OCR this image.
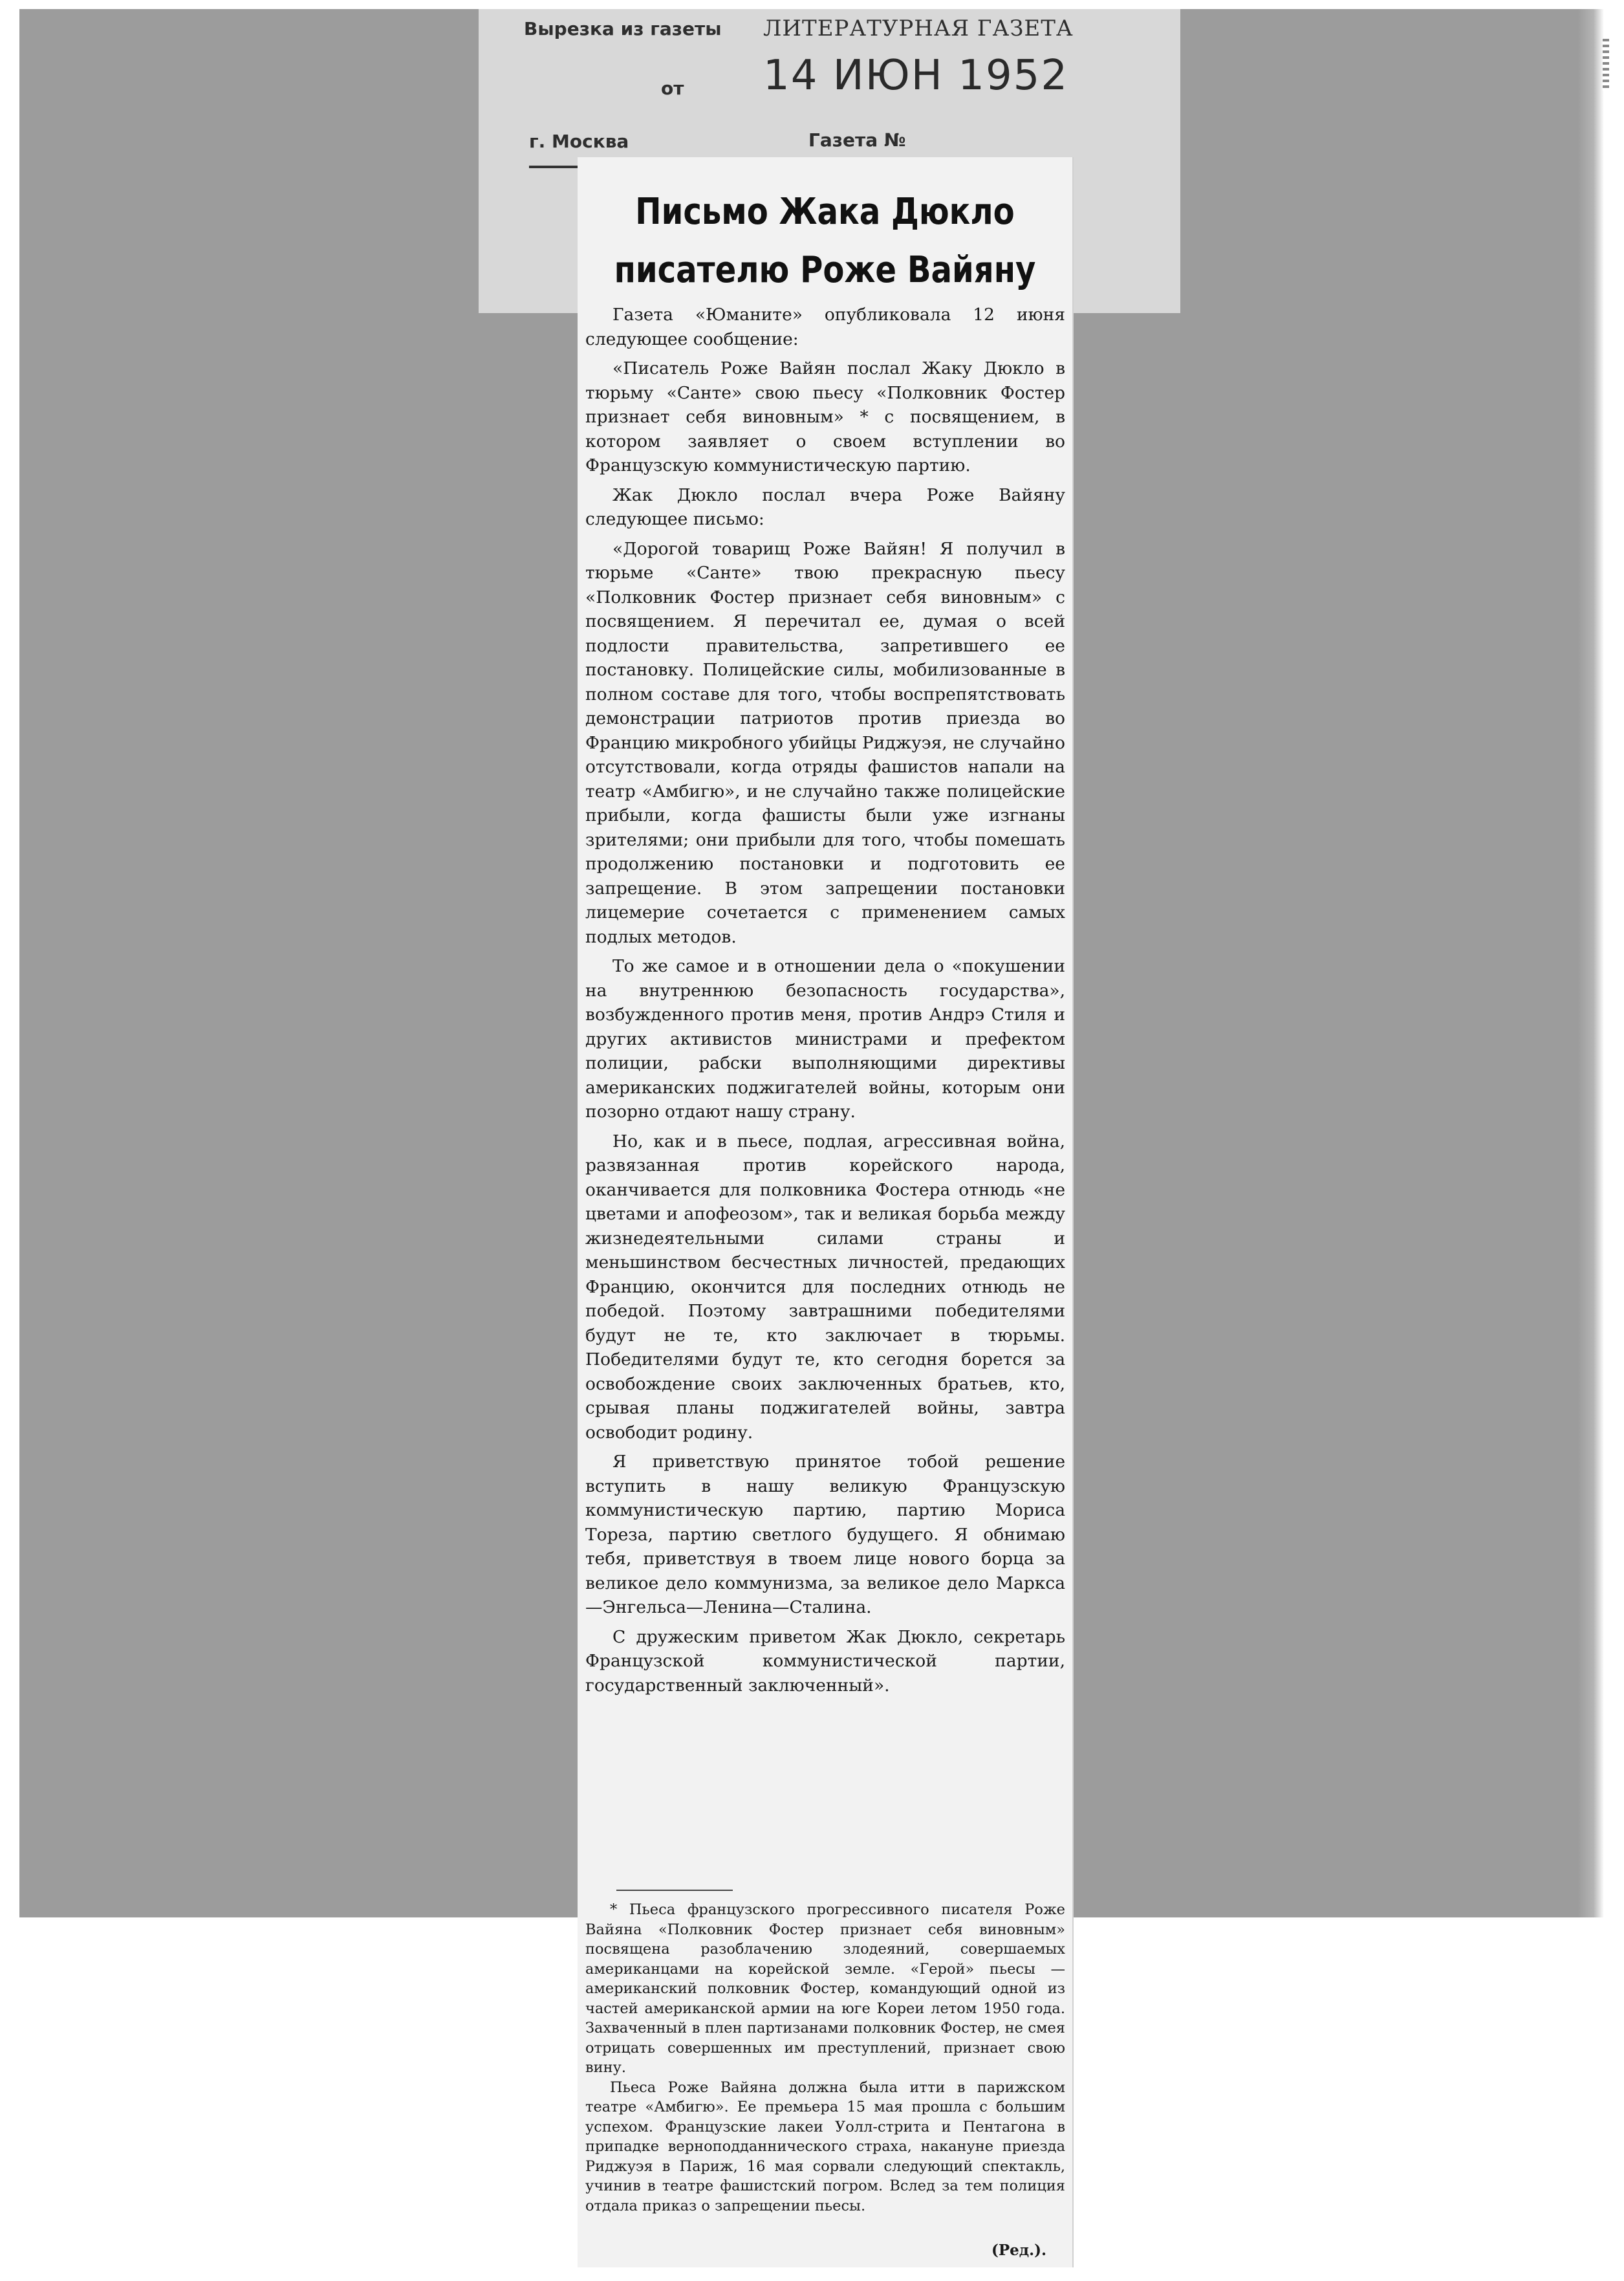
Вырезка из газеты ЛИТЕРАТУРНАЯ ГАЗЕТА
от 14 ИЮН 1952
г. Москва	Газета №
Письмо Жака Дюкло
писателю Роже Вайяну

Газета «Юманите» опубликовала 12 июня следующее сообщение:

«Писатель Роже Вайян послал Жаку Дюкло в тюрьму «Санте» свою пьесу «Полковник Фостер признает себя виновным» * с посвящением, в котором заявляет о своем вступлении во Французскую коммунистическую партию.

Жак Дюкло послал вчера Роже Вайяну следующее письмо:

«Дорогой товарищ Роже Вайян! Я получил в тюрьме «Санте» твою прекрасную пьесу «Полковник Фостер признает себя виновным» с посвящением. Я перечитал ее, думая о всей подлости правительства, запретившего ее постановку. Полицейские силы, мобилизованные в полном составе для того, чтобы воспрепятствовать демонстрации патриотов против приезда во Францию микробного убийцы Риджуэя, не случайно отсутствовали, когда отряды фашистов напали на театр «Амбигю», и не случайно также полицейские прибыли, когда фашисты были уже изгнаны зрителями; они прибыли для того, чтобы помешать продолжению постановки и подготовить ее запрещение. В этом запрещении постановки лицемерие сочетается с применением самых подлых методов.

То же самое и в отношении дела о «покушении на внутреннюю безопасность государства», возбужденного против меня, против Андрэ Стиля и других активистов министрами и префектом полиции, рабски выполняющими директивы американских поджигателей войны, которым они позорно отдают нашу страну.

Но, как и в пьесе, подлая, агрессивная война, развязанная против корейского народа, оканчивается для полковника Фостера отнюдь «не цветами и апофеозом», так и великая борьба между жизнедеятельными силами страны и меньшинством бесчестных личностей, предающих Францию, окончится для последних отнюдь не победой. Поэтому завтрашними победителями будут не те, кто заключает в тюрьмы. Победителями будут те, кто сегодня борется за освобождение своих заключенных братьев, кто, срывая планы поджигателей войны, завтра освободит родину.

Я приветствую принятое тобой решение вступить в нашу великую Французскую коммунистическую партию, партию Мориса Тореза, партию светлого будущего. Я обнимаю тебя, приветствуя в твоем лице нового борца за великое дело коммунизма, за великое дело Маркса—Энгельса—Ленина—Сталина.

С дружеским приветом Жак Дюкло, секретарь Французской коммунистической партии, государственный заключенный».

* Пьеса французского прогрессивного писателя Роже Вайяна «Полковник Фостер признает себя виновным» посвящена разоблачению злодеяний, совершаемых американцами на корейской земле. «Герой» пьесы — американский полковник Фостер, командующий одной из частей американской армии на юге Кореи летом 1950 года. Захваченный в плен партизанами полковник Фостер, не смея отрицать совершенных им преступлений, признает свою вину.

Пьеса Роже Вайяна должна была итти в парижском театре «Амбигю». Ее премьера 15 мая прошла с большим успехом. Французские лакеи Уолл-стрита и Пентагона в припадке верноподданнического страха, накануне приезда Риджуэя в Париж, 16 мая сорвали следующий спектакль, учинив в театре фашистский погром. Вслед за тем полиция отдала приказ о запрещении пьесы.

(Ред.).
